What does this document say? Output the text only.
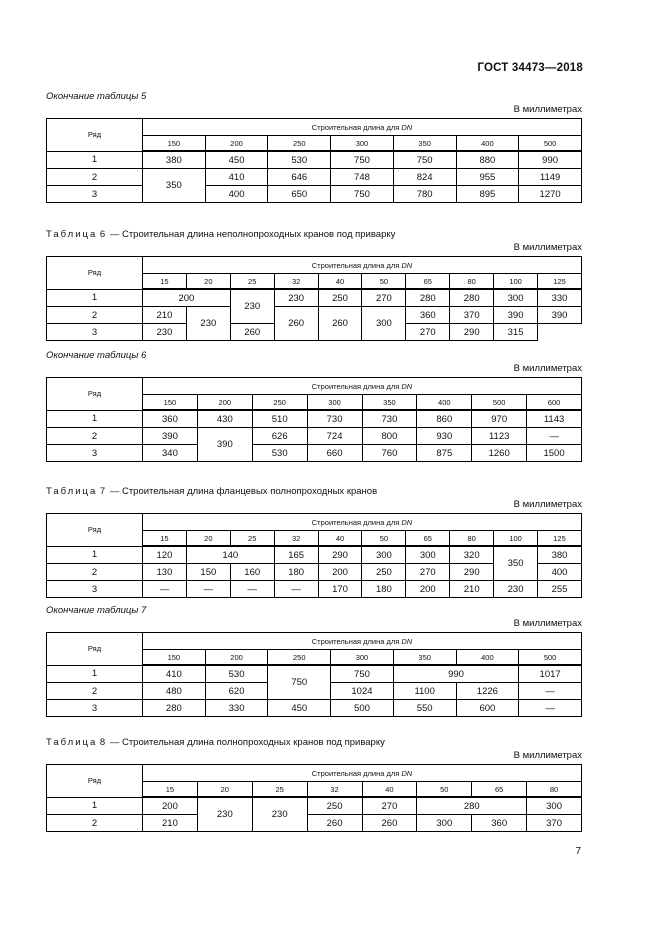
ГОСТ 34473—2018
Окончание таблицы 5
В миллиметрах
Ряд	Строительная длина для DN						
	150	200	250	300	350	400	500
1	380	450	530	750	750	880	990
2	350	410	646	748	824	955	1149
3		400	650	750	780	895	1270
Таблица 6 — Строительная длина неполнопроходных кранов под приварку
В миллиметрах
Ряд	Строительная длина для DN									
	15	20	25	32	40	50	65	80	100	125
1	200		230	230	250	270	280	280	300	330
2	210	230		260	260	300	360	370	390	390
3	230		260				270	290	315	
Окончание таблицы 6
В миллиметрах
Ряд	Строительная длина для DN							
	150	200	250	300	350	400	500	600
1	360	430	510	730	730	860	970	1143
2	390	390	626	724	800	930	1123	—
3	340		530	660	760	875	1260	1500
Таблица 7 — Строительная длина фланцевых полнопроходных кранов
В миллиметрах
Ряд	Строительная длина для DN									
	15	20	25	32	40	50	65	80	100	125
1	120	140		165	290	300	300	320	350	380
2	130	150	160	180	200	250	270	290		400
3	—	—	—	—	170	180	200	210	230	255
Окончание таблицы 7
В миллиметрах
Ряд	Строительная длина для DN						
	150	200	250	300	350	400	500
1	410	530	750	750	990		1017
2	480	620		1024	1100	1226	—
3	280	330	450	500	550	600	—
Таблица 8 — Строительная длина полнопроходных кранов под приварку
В миллиметрах
Ряд	Строительная длина для DN							
	15	20	25	32	40	50	65	80
1	200	230	230	250	270	280		300
2	210			260	260	300	360	370
7
